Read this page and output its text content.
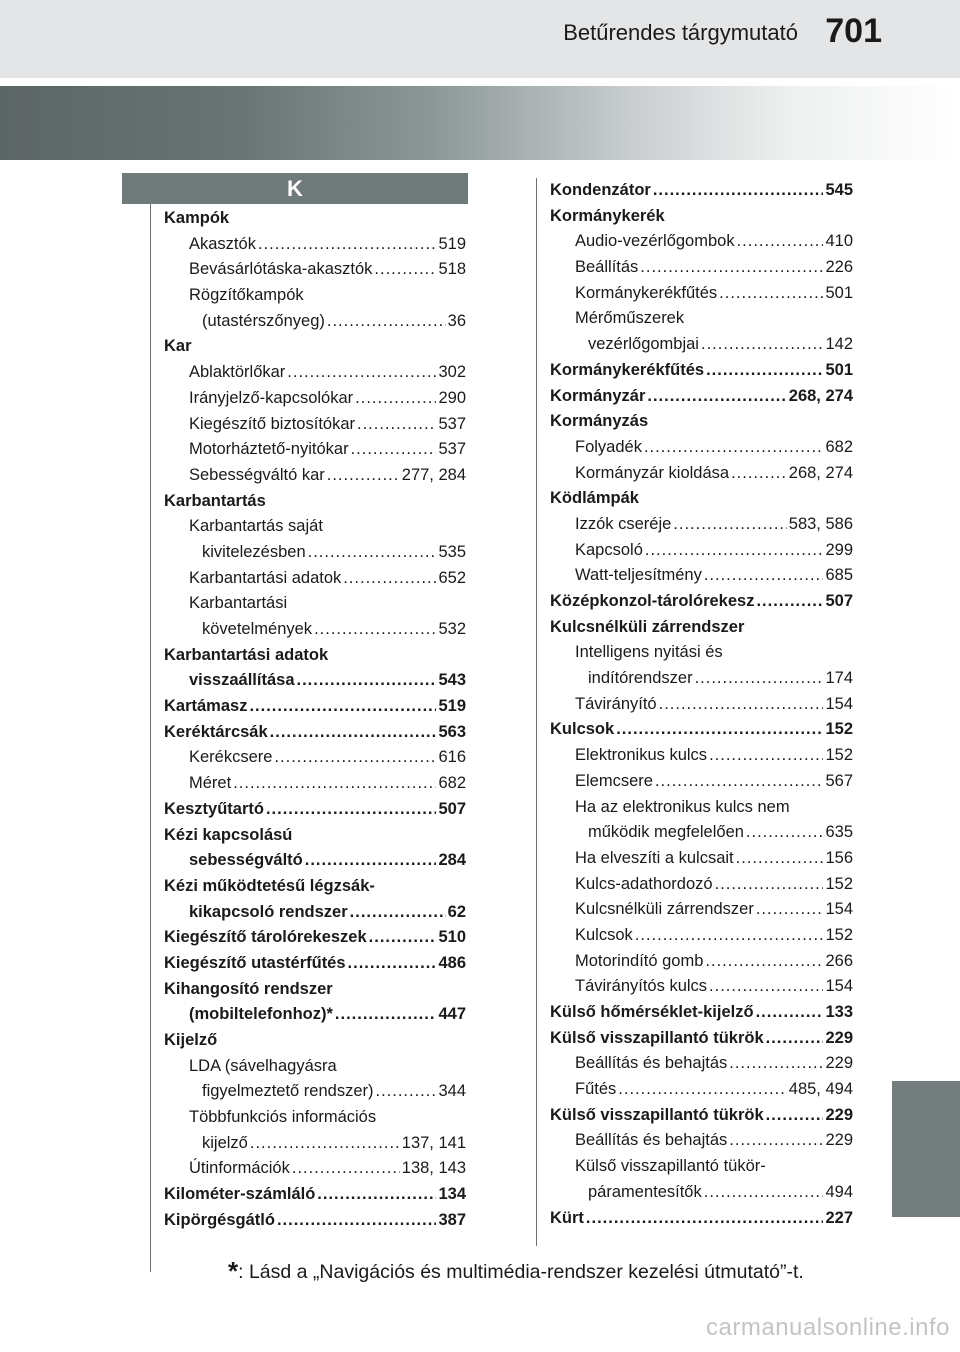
Betűrendes tárgymutató 701
K
Kampók
Akasztók .....	519
Bevásárlótáska-akasztók .....	518
Rögzítőkampók
(utastérszőnyeg) .....	36
Kar
Ablaktörlőkar .....	302
Irányjelző-kapcsolókar .....	290
Kiegészítő biztosítókar .....	537
Motorháztető-nyitókar .....	537
Sebességváltó kar .....	277, 284
Karbantartás
Karbantartás saját
kivitelezésben .....	535
Karbantartási adatok .....	652
Karbantartási
követelmények .....	532
Karbantartási adatok
visszaállítása .....	543
Kartámasz .....	519
Keréktárcsák .....	563
Kerékcsere .....	616
Méret .....	682
Kesztyűtartó .....	507
Kézi kapcsolású
sebességváltó .....	284
Kézi működtetésű légzsák-
kikapcsoló rendszer .....	62
Kiegészítő tárolórekeszek .....	510
Kiegészítő utastérfűtés .....	486
Kihangosító rendszer
(mobiltelefonhoz)* .....	447
Kijelző
LDA (sávelhagyásra
figyelmeztető rendszer) .....	344
Többfunkciós információs
kijelző .....	137, 141
Útinformációk .....	138, 143
Kilométer-számláló .....	134
Kipörgésgátló .....	387
Kondenzátor .....	545
Kormánykerék
Audio-vezérlőgombok .....	410
Beállítás .....	226
Kormánykerékfűtés .....	501
Mérőműszerek
vezérlőgombjai .....	142
Kormánykerékfűtés .....	501
Kormányzár .....	268, 274
Kormányzás
Folyadék .....	682
Kormányzár kioldása .....	268, 274
Ködlámpák
Izzók cseréje .....	583, 586
Kapcsoló .....	299
Watt-teljesítmény .....	685
Középkonzol-tárolórekesz .....	507
Kulcsnélküli zárrendszer
Intelligens nyitási és
indítórendszer .....	174
Távirányító .....	154
Kulcsok .....	152
Elektronikus kulcs .....	152
Elemcsere .....	567
Ha az elektronikus kulcs nem
működik megfelelően .....	635
Ha elveszíti a kulcsait .....	156
Kulcs-adathordozó .....	152
Kulcsnélküli zárrendszer .....	154
Kulcsok .....	152
Motorindító gomb .....	266
Távirányítós kulcs .....	154
Külső hőmérséklet-kijelző .....	133
Külső visszapillantó tükrök .....	229
Beállítás és behajtás .....	229
Fűtés .....	485, 494
Külső visszapillantó tükrök .....	229
Beállítás és behajtás .....	229
Külső visszapillantó tükör-
páramentesítők .....	494
Kürt .....	227
*: Lásd a „Navigációs és multimédia-rendszer kezelési útmutató”-t.
carmanualsonline.info
